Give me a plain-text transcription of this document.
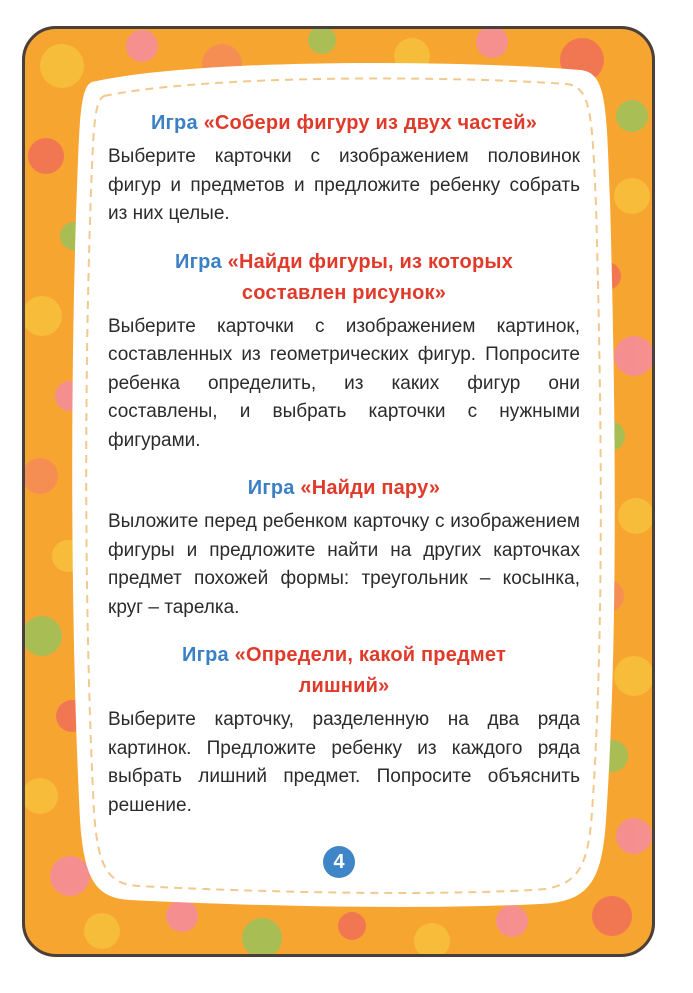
Игра «Собери фигуру из двух частей»

Выберите карточки с изображением половинок фигур и предметов и предложите ребенку собрать из них целые.

Игра «Найди фигуры, из которых
составлен рисунок»

Выберите карточки с изображением картинок, составленных из геометрических фигур. Попросите ребенка определить, из каких фигур они составлены, и выбрать карточки с нужными фигурами.

Игра «Найди пару»

Выложите перед ребенком карточку с изображением фигуры и предложите найти на других карточках предмет похожей формы: треугольник – косынка, круг – тарелка.

Игра «Определи, какой предмет
лишний»

Выберите карточку, разделенную на два ряда картинок. Предложите ребенку из каждого ряда выбрать лишний предмет. Попросите объяснить решение.

4
